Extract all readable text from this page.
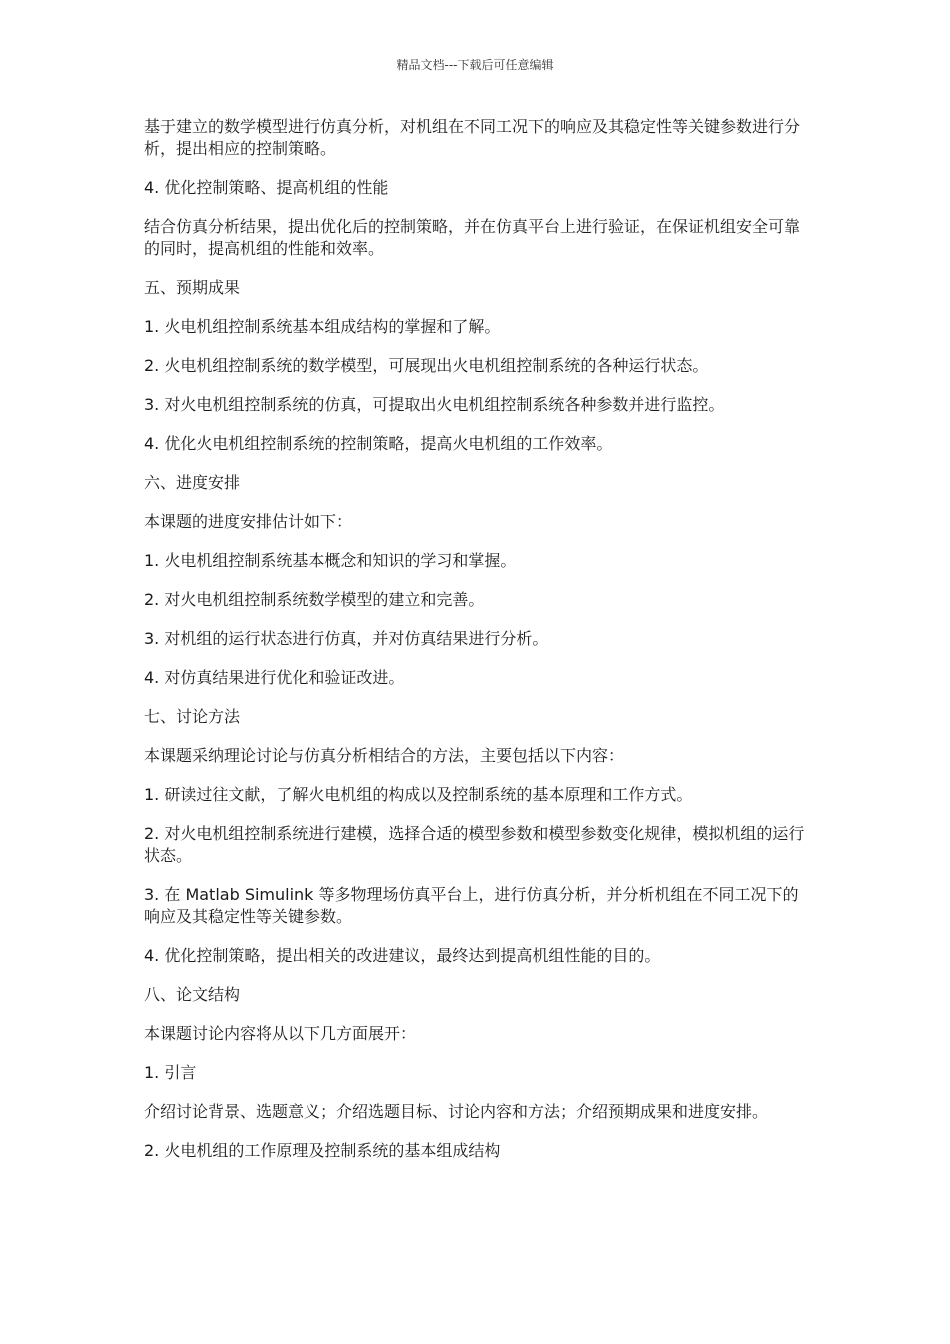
精品文档---下载后可任意编辑

基于建立的数学模型进行仿真分析，对机组在不同工况下的响应及其稳定性等关键参数进行分析，提出相应的控制策略。

4. 优化控制策略、提高机组的性能

结合仿真分析结果，提出优化后的控制策略，并在仿真平台上进行验证，在保证机组安全可靠的同时，提高机组的性能和效率。

五、预期成果

1. 火电机组控制系统基本组成结构的掌握和了解。

2. 火电机组控制系统的数学模型，可展现出火电机组控制系统的各种运行状态。

3. 对火电机组控制系统的仿真，可提取出火电机组控制系统各种参数并进行监控。

4. 优化火电机组控制系统的控制策略，提高火电机组的工作效率。

六、进度安排

本课题的进度安排估计如下：

1. 火电机组控制系统基本概念和知识的学习和掌握。

2. 对火电机组控制系统数学模型的建立和完善。

3. 对机组的运行状态进行仿真，并对仿真结果进行分析。

4. 对仿真结果进行优化和验证改进。

七、讨论方法

本课题采纳理论讨论与仿真分析相结合的方法，主要包括以下内容：

1. 研读过往文献，了解火电机组的构成以及控制系统的基本原理和工作方式。

2. 对火电机组控制系统进行建模，选择合适的模型参数和模型参数变化规律，模拟机组的运行状态。

3. 在 Matlab Simulink 等多物理场仿真平台上，进行仿真分析，并分析机组在不同工况下的响应及其稳定性等关键参数。

4. 优化控制策略，提出相关的改进建议，最终达到提高机组性能的目的。

八、论文结构

本课题讨论内容将从以下几方面展开：

1. 引言

介绍讨论背景、选题意义；介绍选题目标、讨论内容和方法；介绍预期成果和进度安排。

2. 火电机组的工作原理及控制系统的基本组成结构
